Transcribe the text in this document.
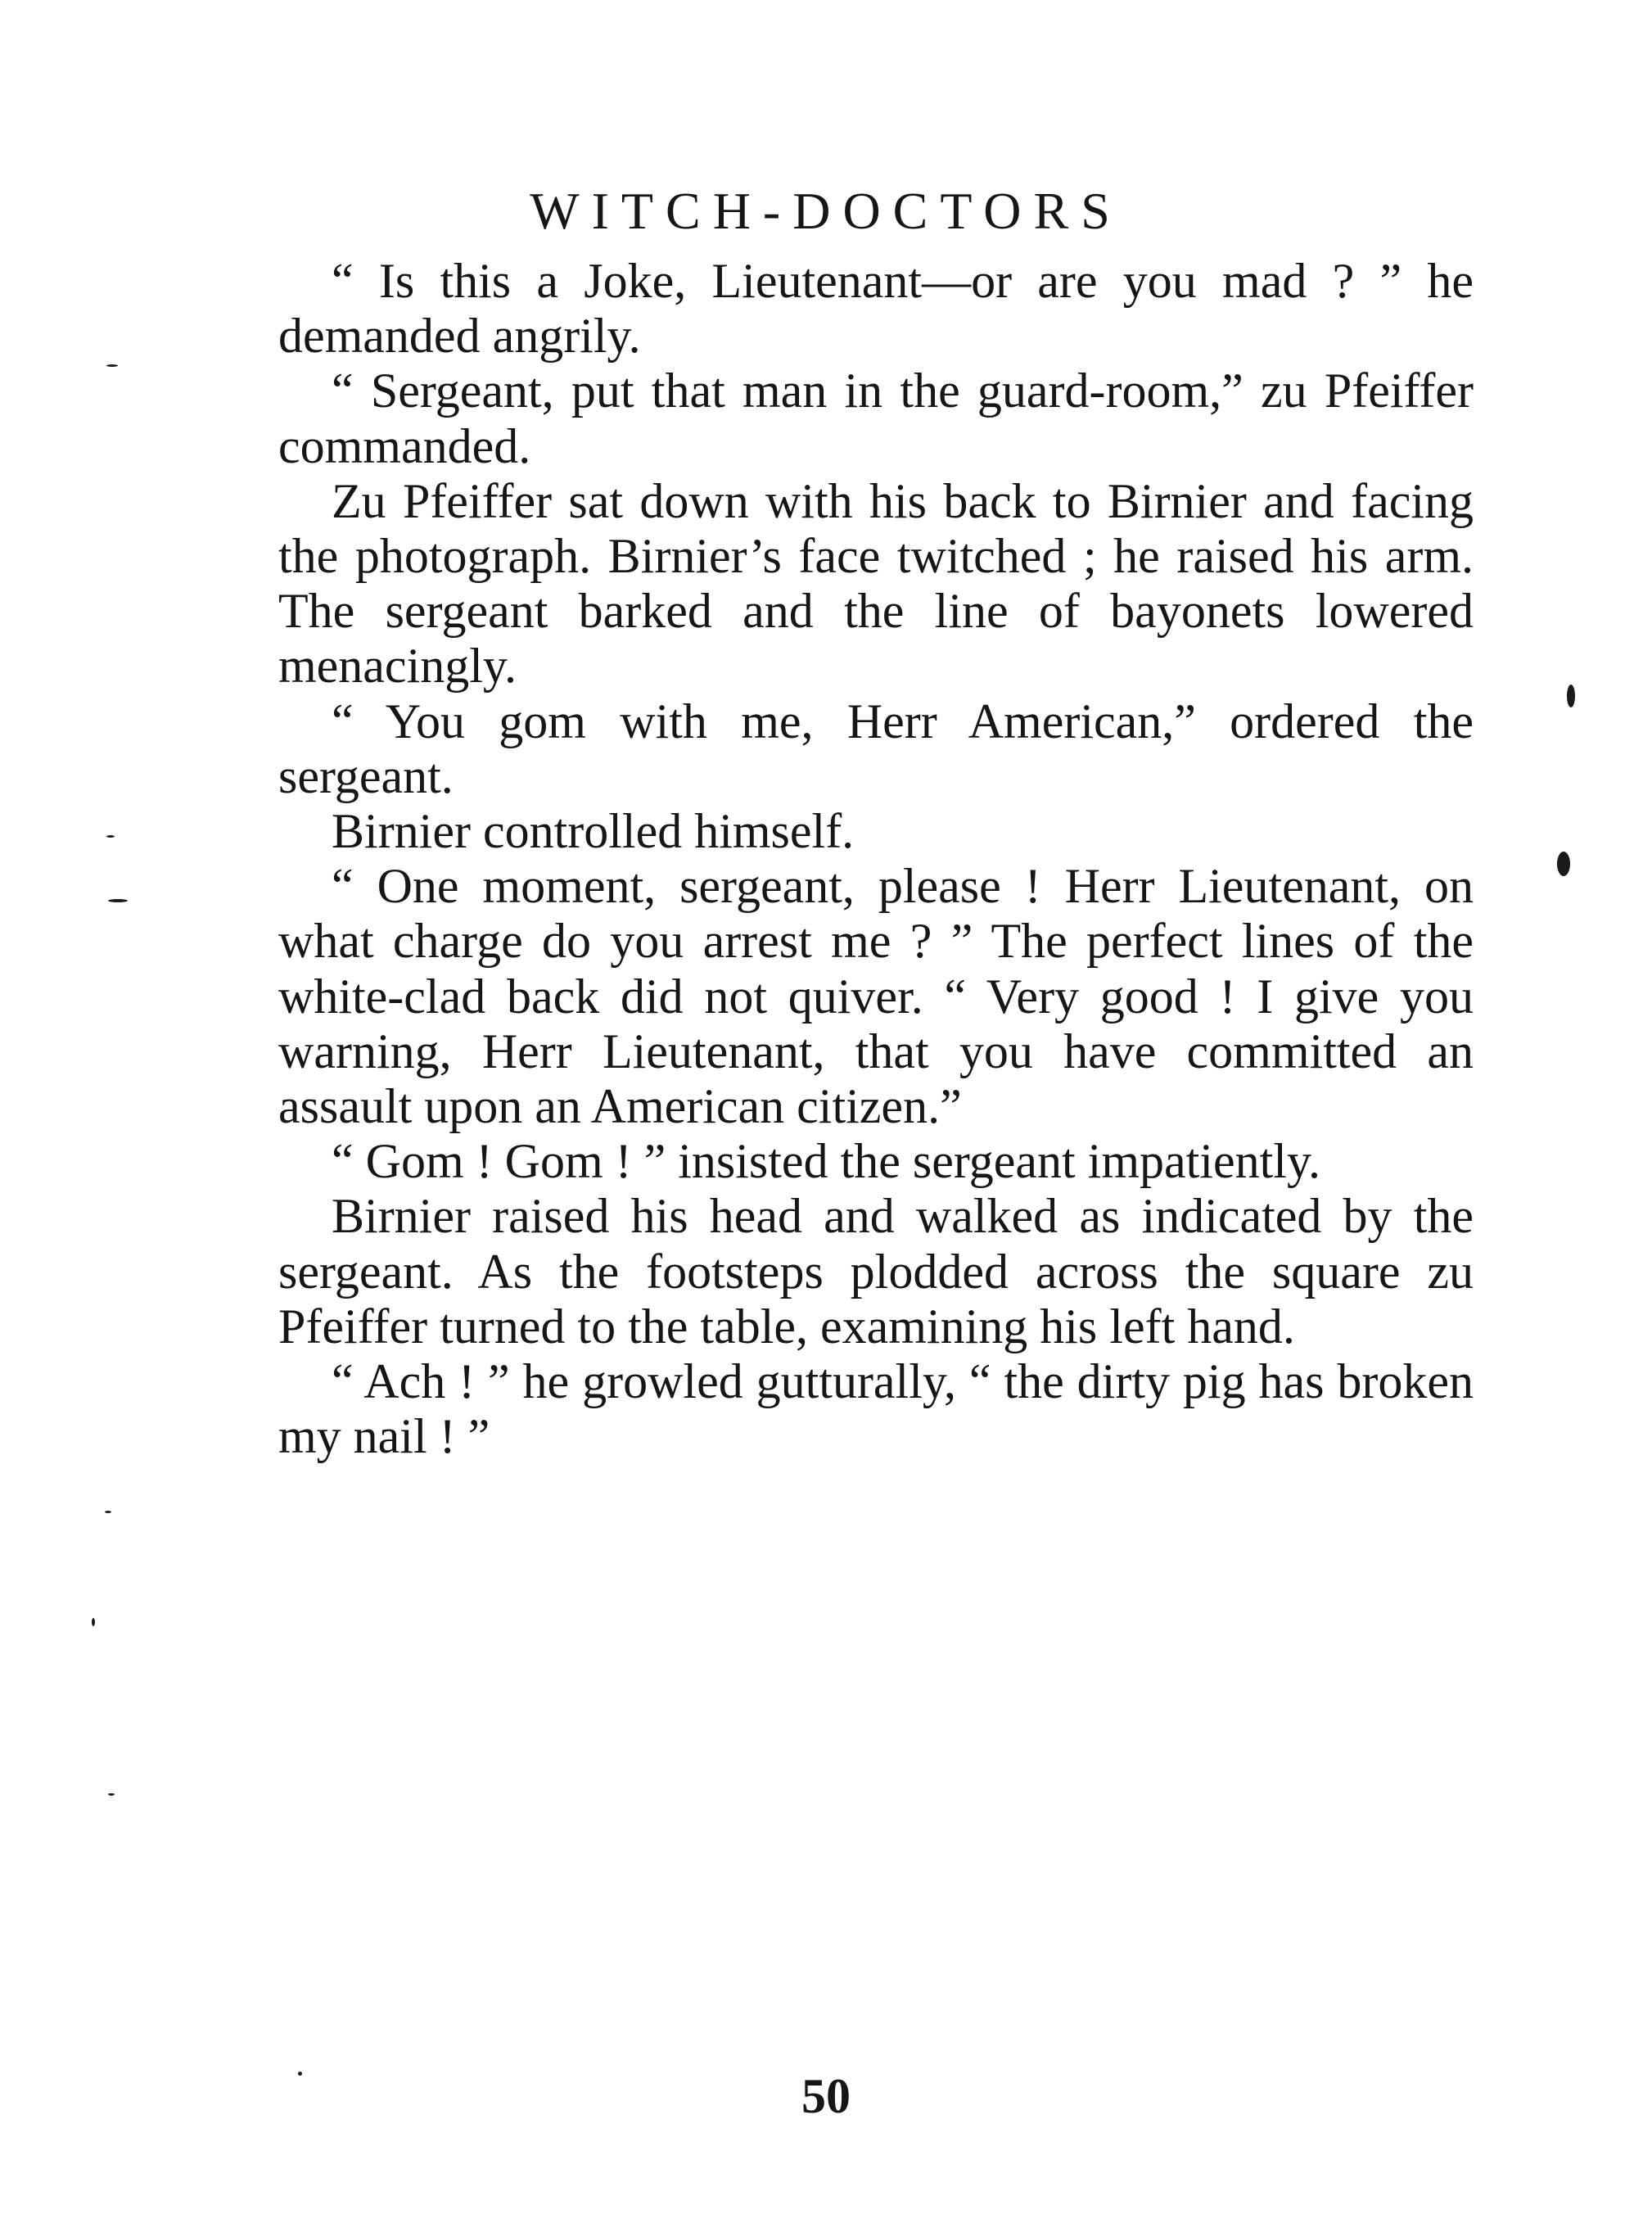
WITCH-DOCTORS

“ Is this a Joke, Lieutenant—or are you mad ? ” he demanded angrily.

“ Sergeant, put that man in the guard-room,” zu Pfeiffer commanded.

Zu Pfeiffer sat down with his back to Birnier and facing the photograph. Birnier’s face twitched ; he raised his arm. The sergeant barked and the line of bayonets lowered menacingly.

“ You gom with me, Herr American,” ordered the sergeant.

Birnier controlled himself.

“ One moment, sergeant, please ! Herr Lieutenant, on what charge do you arrest me ? ” The perfect lines of the white-clad back did not quiver. “ Very good ! I give you warning, Herr Lieutenant, that you have committed an assault upon an American citizen.”

“ Gom ! Gom ! ” insisted the sergeant impatiently.

Birnier raised his head and walked as indicated by the sergeant. As the footsteps plodded across the square zu Pfeiffer turned to the table, examining his left hand.

“ Ach ! ” he growled gutturally, “ the dirty pig has broken my nail ! ”

50
